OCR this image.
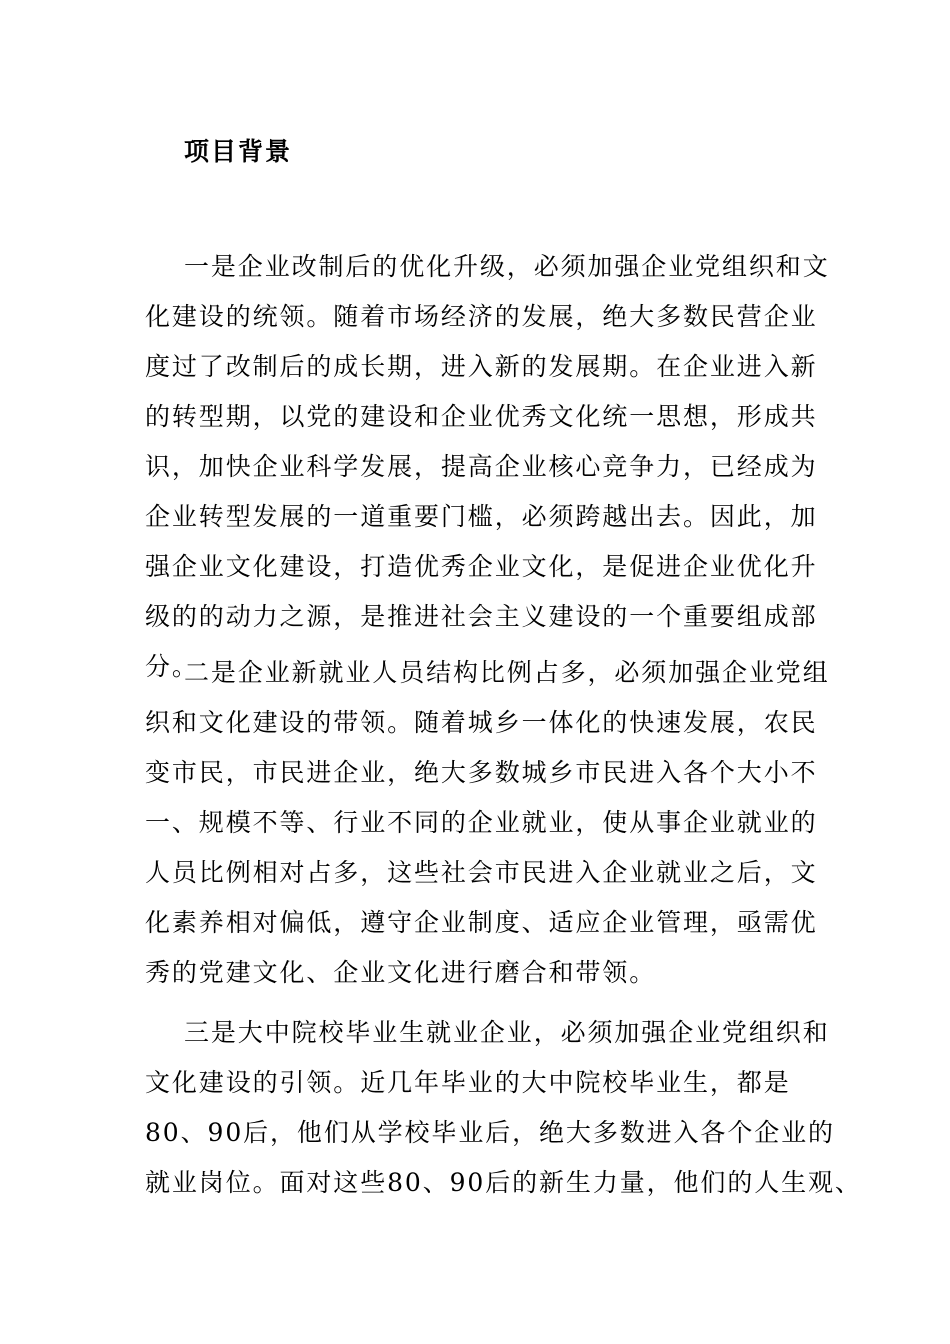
项目背景
一是企业改制后的优化升级，必须加强企业党组织和文
化建设的统领。随着市场经济的发展，绝大多数民营企业
度过了改制后的成长期，进入新的发展期。在企业进入新
的转型期，以党的建设和企业优秀文化统一思想，形成共
识，加快企业科学发展，提高企业核心竞争力，已经成为
企业转型发展的一道重要门槛，必须跨越出去。因此，加
强企业文化建设，打造优秀企业文化，是促进企业优化升
级的的动力之源，是推进社会主义建设的一个重要组成部
分。
二是企业新就业人员结构比例占多，必须加强企业党组
织和文化建设的带领。随着城乡一体化的快速发展，农民
变市民，市民进企业，绝大多数城乡市民进入各个大小不
一、规模不等、行业不同的企业就业，使从事企业就业的
人员比例相对占多，这些社会市民进入企业就业之后，文
化素养相对偏低，遵守企业制度、适应企业管理，亟需优
秀的党建文化、企业文化进行磨合和带领。
三是大中院校毕业生就业企业，必须加强企业党组织和
文化建设的引领。近几年毕业的大中院校毕业生，都是
80、90后，他们从学校毕业后，绝大多数进入各个企业的
就业岗位。面对这些80、90后的新生力量，他们的人生观、
